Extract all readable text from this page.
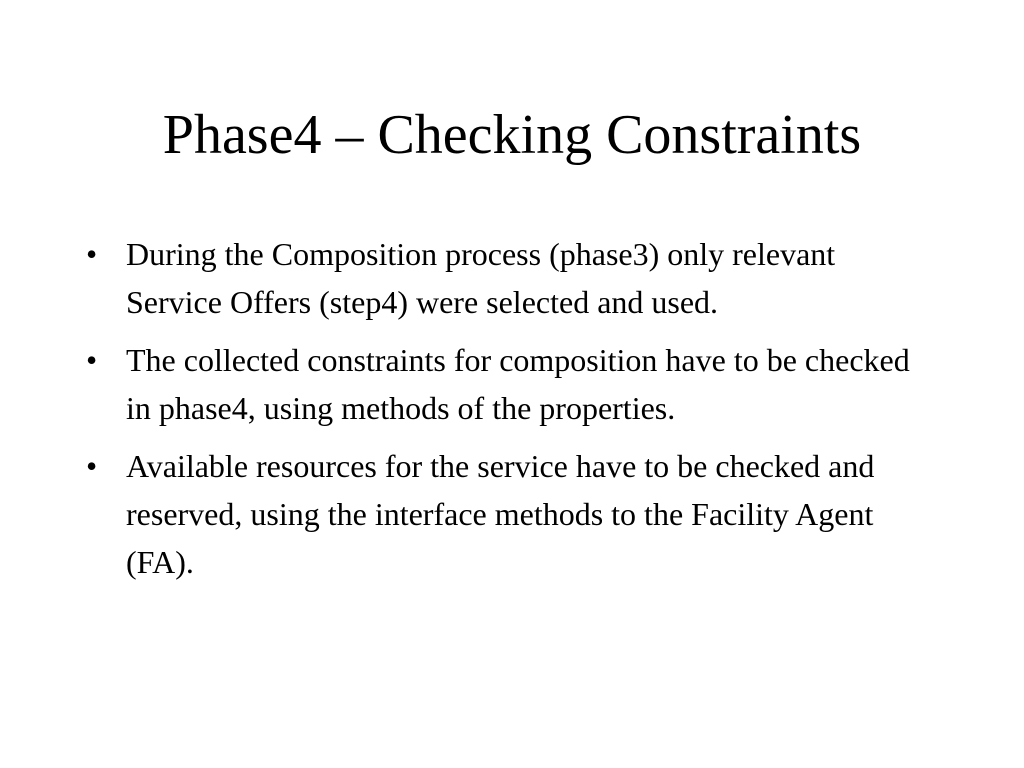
Phase4 – Checking Constraints
• During the Composition process (phase3) only relevant Service Offers (step4) were selected and used.
• The collected constraints for composition have to be checked in phase4, using methods of the properties.
• Available resources for the service have to be checked and reserved, using the interface methods to the Facility Agent (FA).
